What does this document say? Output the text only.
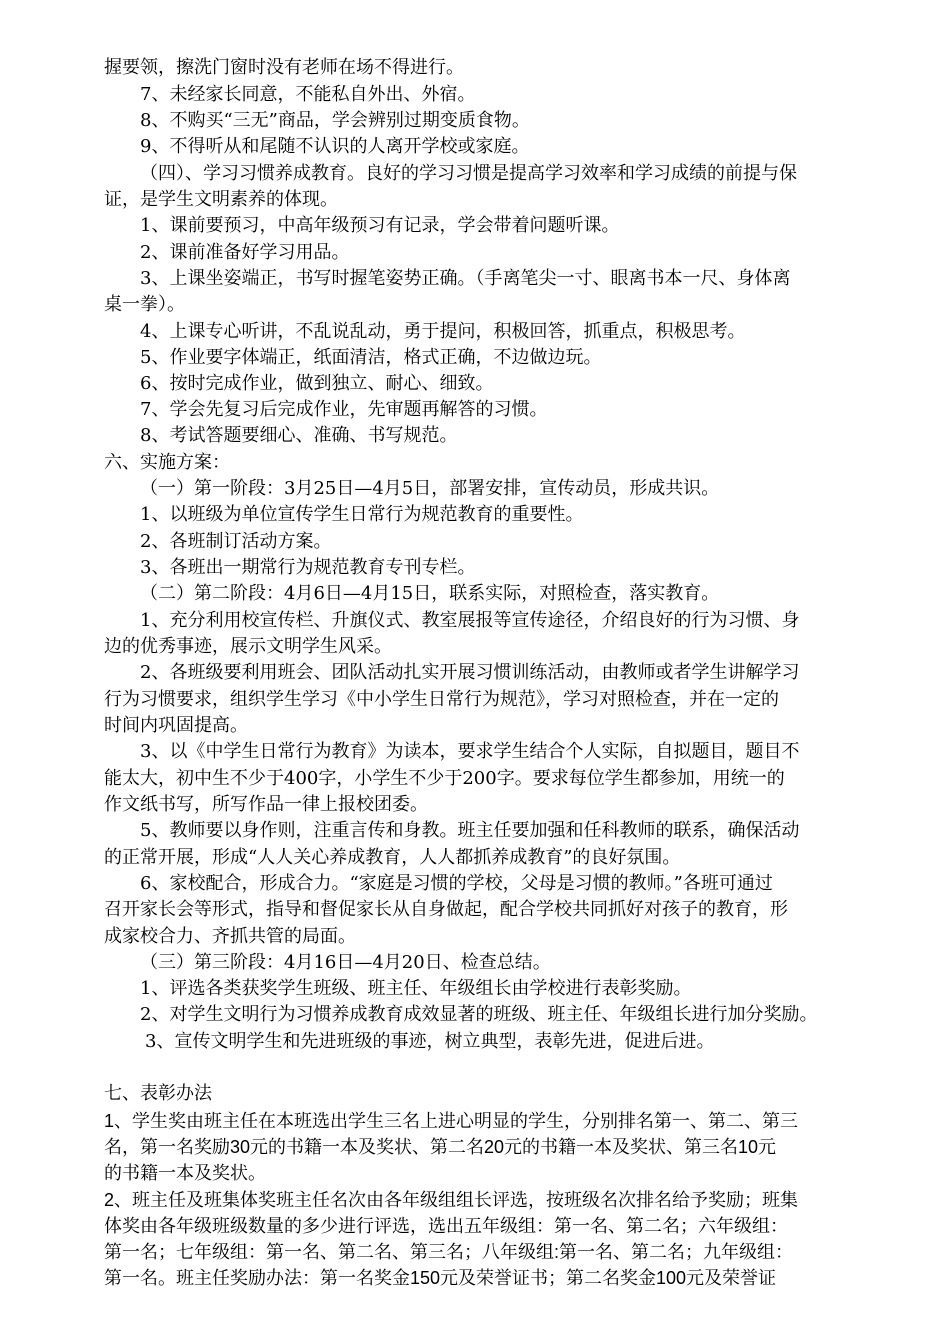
握要领，擦洗门窗时没有老师在场不得进行。
7、未经家长同意，不能私自外出、外宿。
8、不购买“三无”商品，学会辨别过期变质食物。
9、不得听从和尾随不认识的人离开学校或家庭。
（四）、学习习惯养成教育。良好的学习习惯是提高学习效率和学习成绩的前提与保
证，是学生文明素养的体现。
1、课前要预习，中高年级预习有记录，学会带着问题听课。
2、课前准备好学习用品。
3、上课坐姿端正，书写时握笔姿势正确。（手离笔尖一寸、眼离书本一尺、身体离
桌一拳）。
4、上课专心听讲，不乱说乱动，勇于提问，积极回答，抓重点，积极思考。
5、作业要字体端正，纸面清洁，格式正确，不边做边玩。
6、按时完成作业，做到独立、耐心、细致。
7、学会先复习后完成作业，先审题再解答的习惯。
8、考试答题要细心、准确、书写规范。
六、实施方案：
（一）第一阶段：3月25日—4月5日，部署安排，宣传动员，形成共识。
1、以班级为单位宣传学生日常行为规范教育的重要性。
2、各班制订活动方案。
3、各班出一期常行为规范教育专刊专栏。
（二）第二阶段：4月6日—4月15日，联系实际，对照检查，落实教育。
1、充分利用校宣传栏、升旗仪式、教室展报等宣传途径，介绍良好的行为习惯、身
边的优秀事迹，展示文明学生风采。
2、各班级要利用班会、团队活动扎实开展习惯训练活动，由教师或者学生讲解学习
行为习惯要求，组织学生学习《中小学生日常行为规范》，学习对照检查，并在一定的
时间内巩固提高。
3、以《中学生日常行为教育》为读本，要求学生结合个人实际，自拟题目，题目不
能太大，初中生不少于400字，小学生不少于200字。要求每位学生都参加，用统一的
作文纸书写，所写作品一律上报校团委。
5、教师要以身作则，注重言传和身教。班主任要加强和任科教师的联系，确保活动
的正常开展，形成“人人关心养成教育，人人都抓养成教育”的良好氛围。
6、家校配合，形成合力。“家庭是习惯的学校，父母是习惯的教师。”各班可通过
召开家长会等形式，指导和督促家长从自身做起，配合学校共同抓好对孩子的教育，形
成家校合力、齐抓共管的局面。
（三）第三阶段：4月16日—4月20日、检查总结。
1、评选各类获奖学生班级、班主任、年级组长由学校进行表彰奖励。
2、对学生文明行为习惯养成教育成效显著的班级、班主任、年级组长进行加分奖励。
3、宣传文明学生和先进班级的事迹，树立典型，表彰先进，促进后进。
七、表彰办法
1、学生奖由班主任在本班选出学生三名上进心明显的学生，分别排名第一、第二、第三
名，第一名奖励30元的书籍一本及奖状、第二名20元的书籍一本及奖状、第三名10元
的书籍一本及奖状。
2、班主任及班集体奖班主任名次由各年级组组长评选，按班级名次排名给予奖励；班集
体奖由各年级班级数量的多少进行评选，选出五年级组：第一名、第二名；六年级组：
第一名；七年级组：第一名、第二名、第三名；八年级组:第一名、第二名；九年级组：
第一名。班主任奖励办法：第一名奖金150元及荣誉证书；第二名奖金100元及荣誉证
